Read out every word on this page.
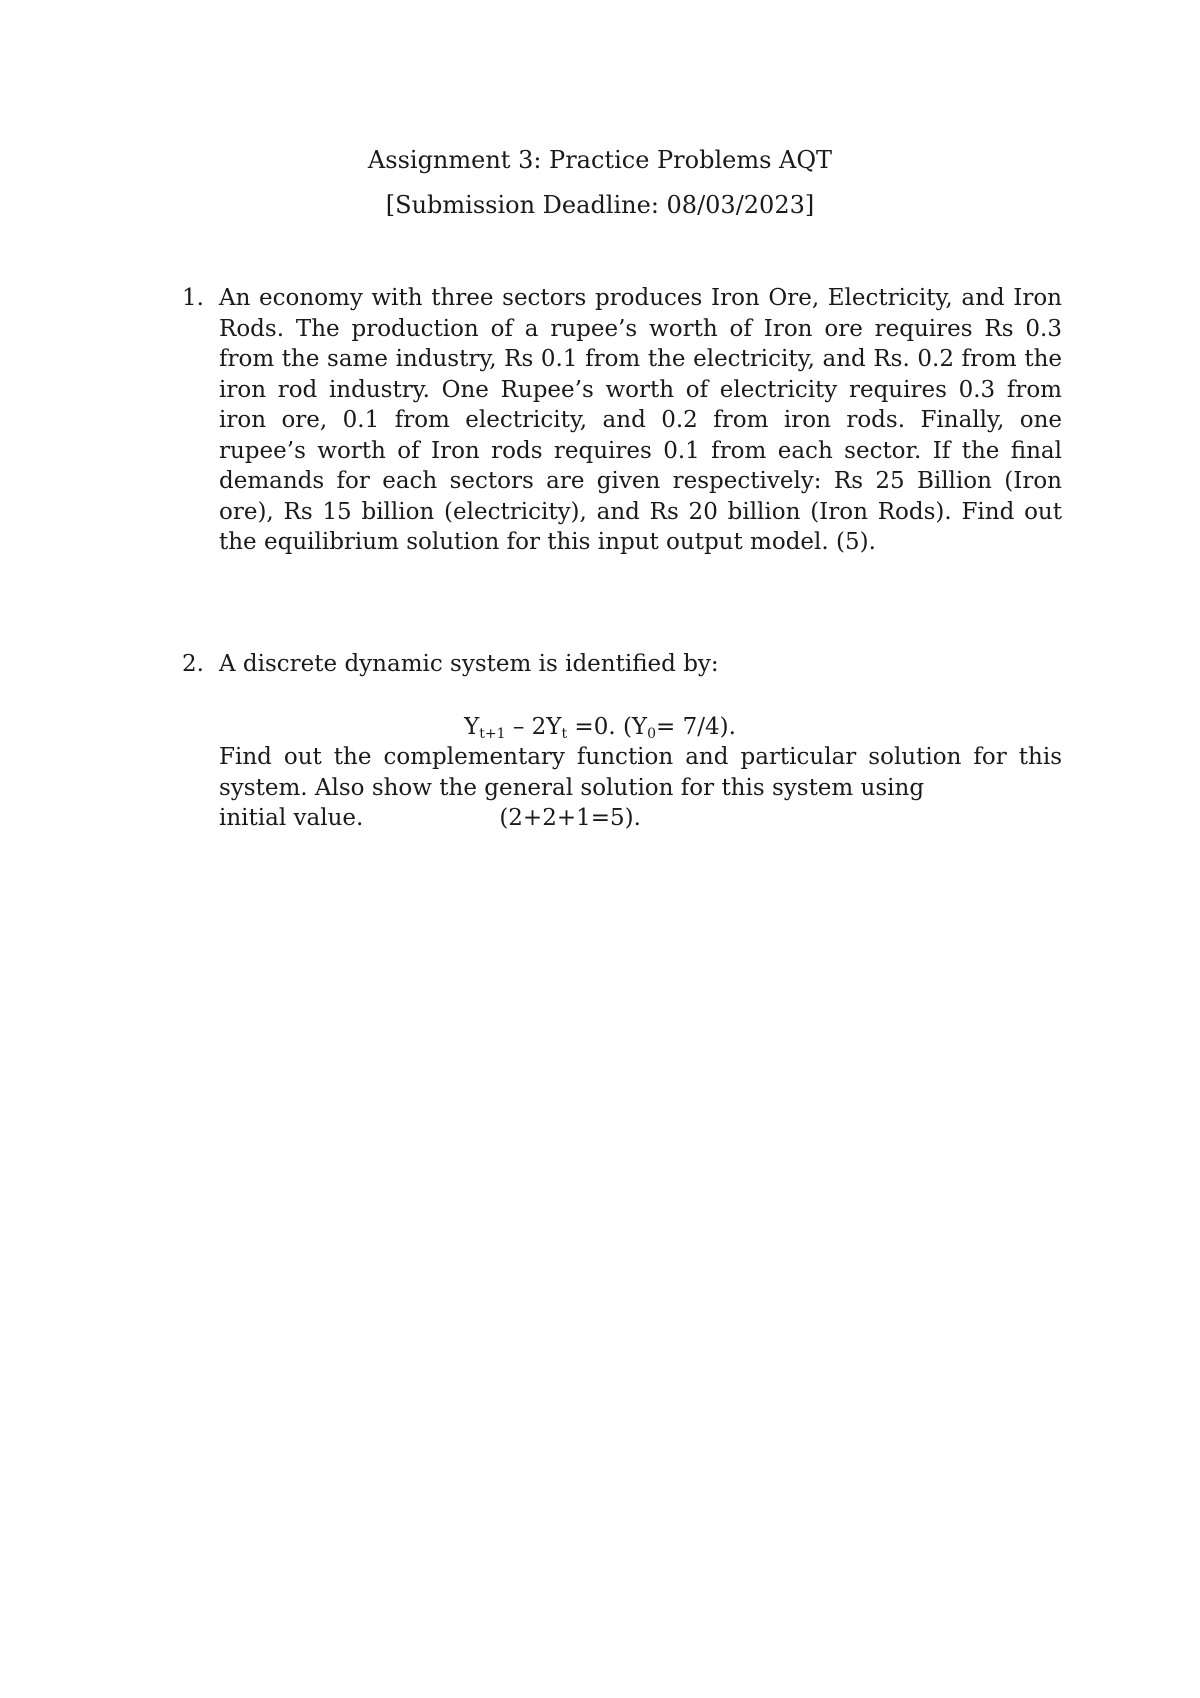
Assignment 3: Practice Problems AQT
[Submission Deadline: 08/03/2023]
1. An economy with three sectors produces Iron Ore, Electricity, and Iron Rods. The production of a rupee’s worth of Iron ore requires Rs 0.3 from the same industry, Rs 0.1 from the electricity, and Rs. 0.2 from the iron rod industry. One Rupee’s worth of electricity requires 0.3 from iron ore, 0.1 from electricity, and 0.2 from iron rods. Finally, one rupee’s worth of Iron rods requires 0.1 from each sector. If the final demands for each sectors are given respectively: Rs 25 Billion (Iron ore), Rs 15 billion (electricity), and Rs 20 billion (Iron Rods). Find out the equilibrium solution for this input output model. (5).
2. A discrete dynamic system is identified by:
$Y_{t+1} - 2Y_t =0$. $(Y_0= 7/4)$.
Find out the complementary function and particular solution for this system. Also show the general solution for this system using
initial value.	(2+2+1=5).
